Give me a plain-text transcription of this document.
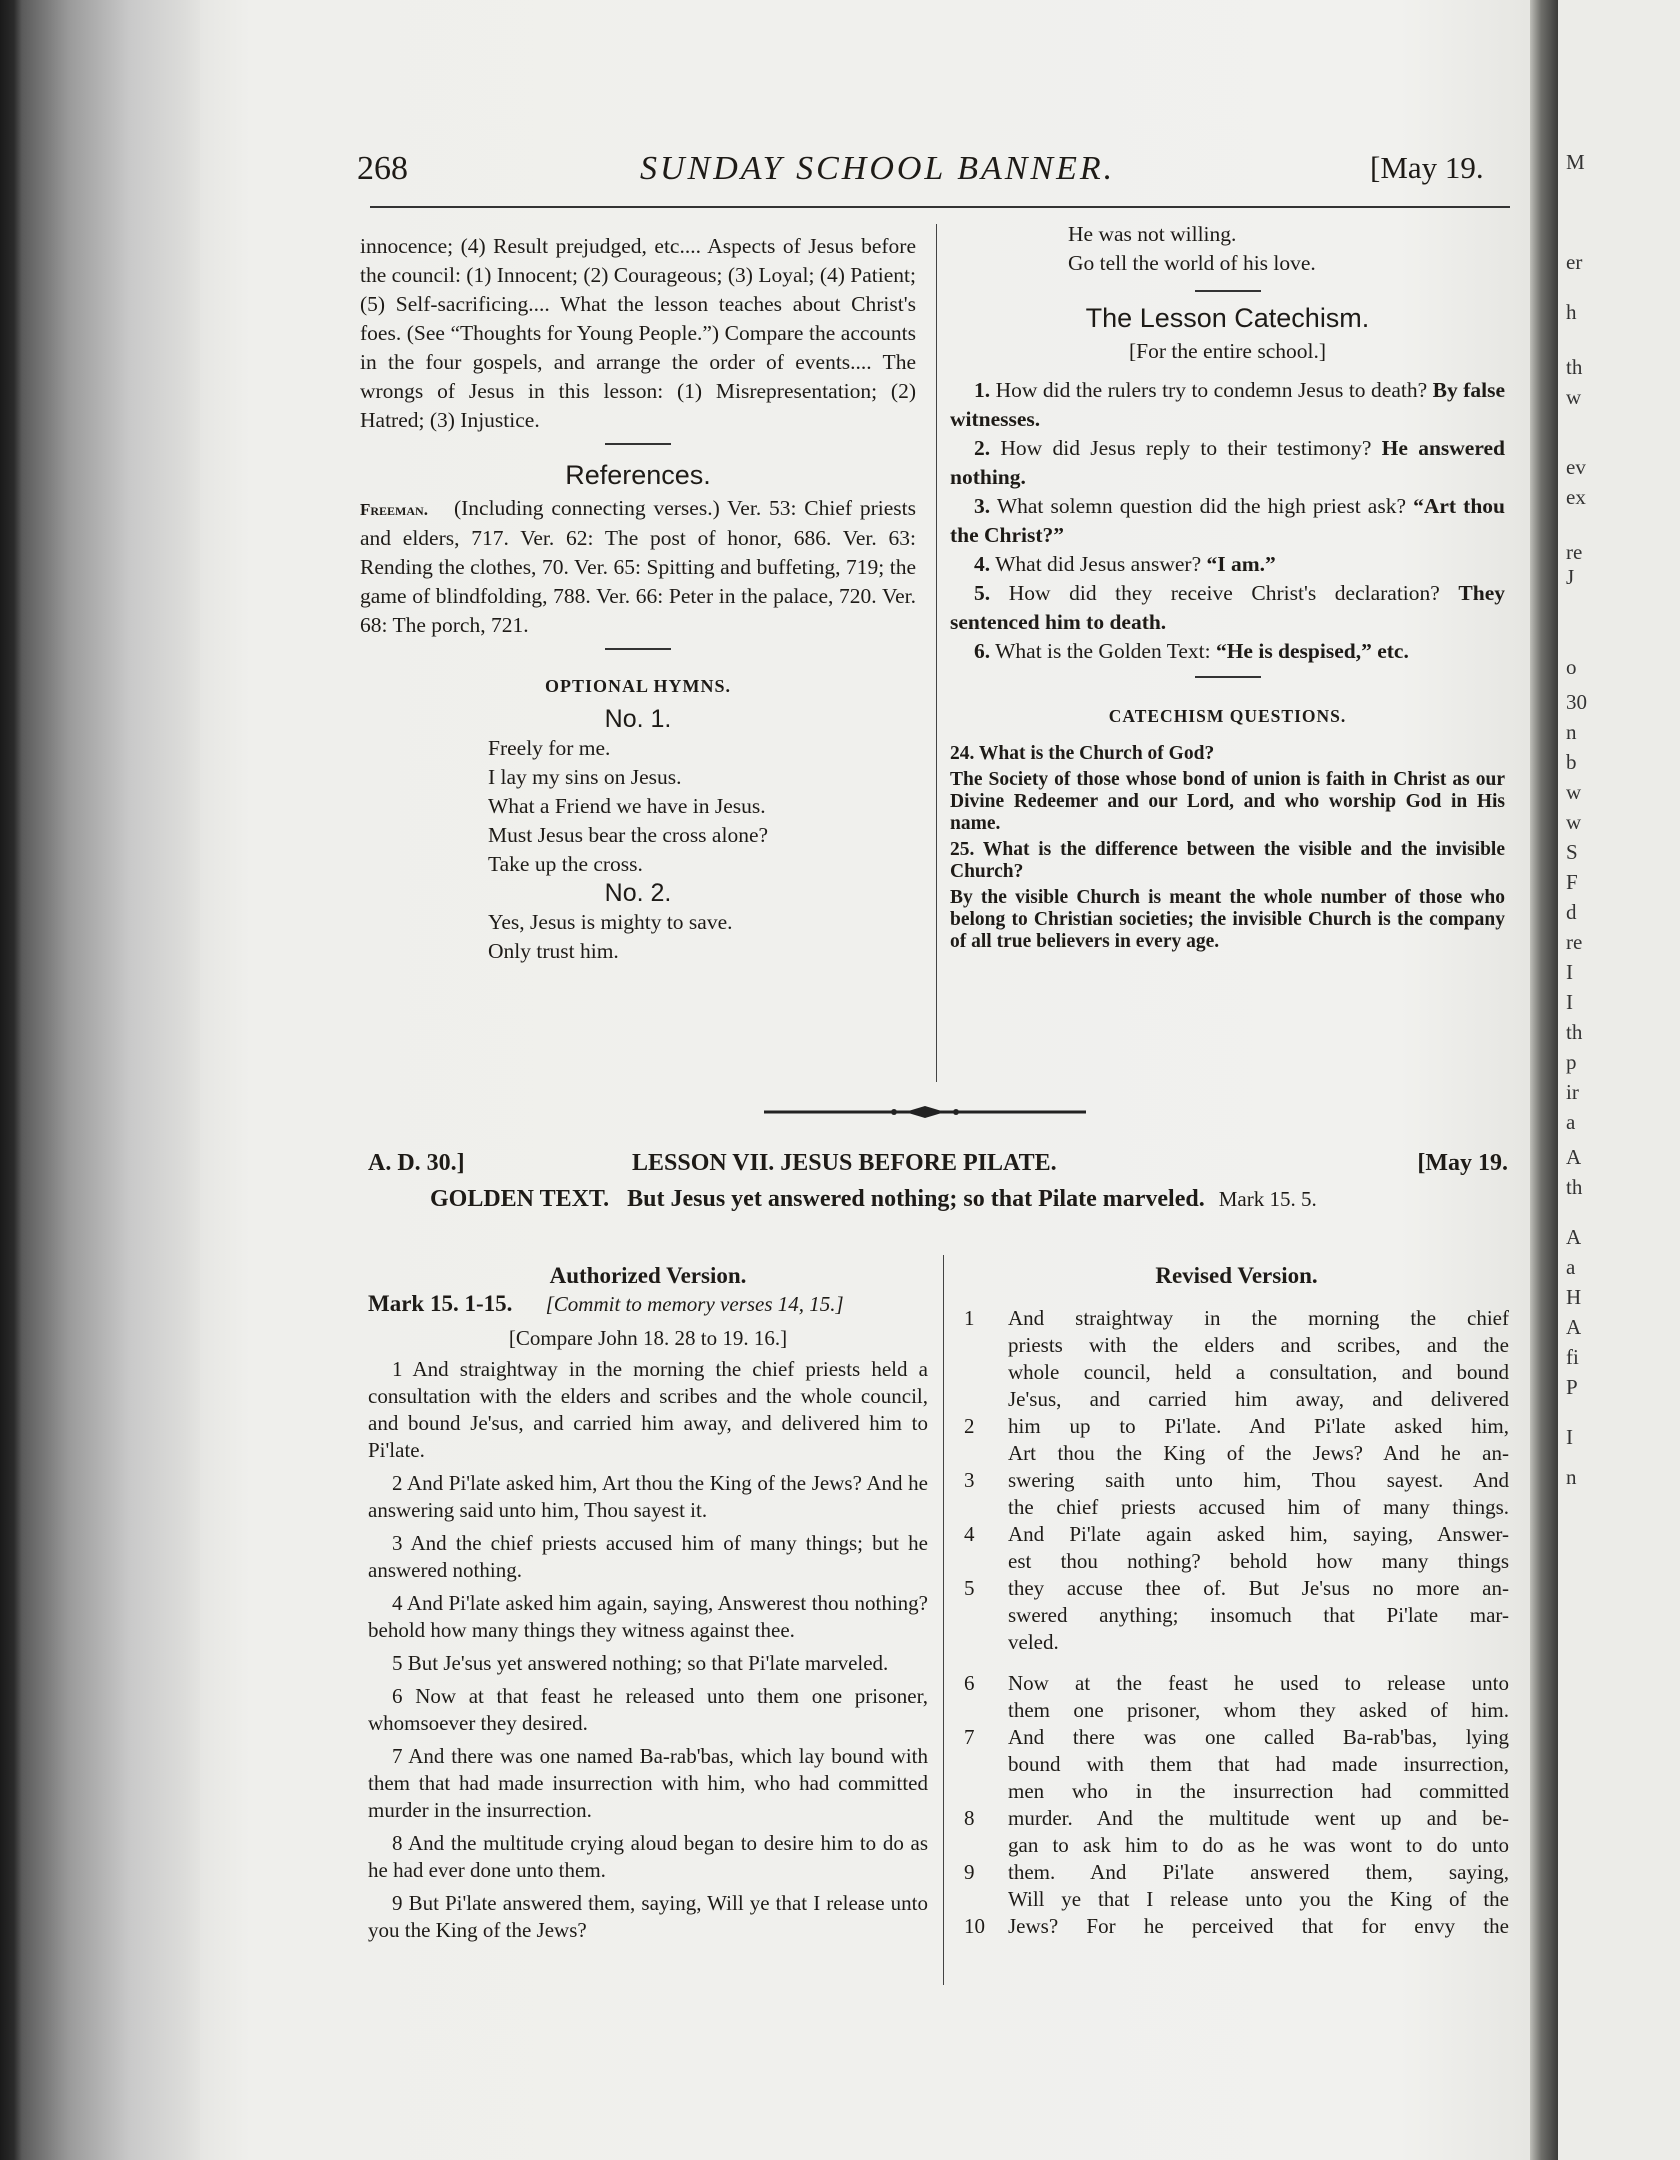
M
er
h
th
w
ev
ex
re
J
o
30
n
b
w
w
S
F
d
re
I
I
th
p
ir
a
A
th
A
a
H
A
fi
P
I
n
268	SUNDAY SCHOOL BANNER.	[May 19.

innocence; (4) Result prejudged, etc.... Aspects of Jesus before the council: (1) Innocent; (2) Courageous; (3) Loyal; (4) Patient; (5) Self-sacrificing.... What the lesson teaches about Christ's foes. (See “Thoughts for Young People.”) Compare the accounts in the four gospels, and arrange the order of events.... The wrongs of Jesus in this lesson: (1) Misrepresentation; (2) Hatred; (3) Injustice.

References.

Freeman. (Including connecting verses.) Ver. 53: Chief priests and elders, 717. Ver. 62: The post of honor, 686. Ver. 63: Rending the clothes, 70. Ver. 65: Spitting and buffeting, 719; the game of blindfolding, 788. Ver. 66: Peter in the palace, 720. Ver. 68: The porch, 721.

OPTIONAL HYMNS.

No. 1.

Freely for me.
I lay my sins on Jesus.
What a Friend we have in Jesus.
Must Jesus bear the cross alone?
Take up the cross.

No. 2.

Yes, Jesus is mighty to save.
Only trust him.
He was not willing.
Go tell the world of his love.

The Lesson Catechism.

[For the entire school.]

1. How did the rulers try to condemn Jesus to death? By false witnesses.

2. How did Jesus reply to their testimony? He answered nothing.

3. What solemn question did the high priest ask? “Art thou the Christ?”

4. What did Jesus answer? “I am.”

5. How did they receive Christ's declaration? They sentenced him to death.

6. What is the Golden Text: “He is despised,” etc.

CATECHISM QUESTIONS.

24. What is the Church of God?

The Society of those whose bond of union is faith in Christ as our Divine Redeemer and our Lord, and who worship God in His name.

25. What is the difference between the visible and the invisible Church?

By the visible Church is meant the whole number of those who belong to Christian societies; the invisible Church is the company of all true believers in every age.

A. D. 30.]	LESSON VII. JESUS BEFORE PILATE.	[May 19.
GOLDEN TEXT. But Jesus yet answered nothing; so that Pilate marveled. Mark 15. 5.

Authorized Version.

Mark 15. 1-15. [Commit to memory verses 14, 15.]

[Compare John 18. 28 to 19. 16.]

1 And straightway in the morning the chief priests held a consultation with the elders and scribes and the whole council, and bound Je'sus, and carried him away, and delivered him to Pi'late.

2 And Pi'late asked him, Art thou the King of the Jews? And he answering said unto him, Thou sayest it.

3 And the chief priests accused him of many things; but he answered nothing.

4 And Pi'late asked him again, saying, Answerest thou nothing? behold how many things they witness against thee.

5 But Je'sus yet answered nothing; so that Pi'late marveled.

6 Now at that feast he released unto them one prisoner, whomsoever they desired.

7 And there was one named Ba-rab'bas, which lay bound with them that had made insurrection with him, who had committed murder in the insurrection.

8 And the multitude crying aloud began to desire him to do as he had ever done unto them.

9 But Pi'late answered them, saying, Will ye that I release unto you the King of the Jews?

Revised Version.

1 And straightway in the morning the chief
priests with the elders and scribes, and the
whole council, held a consultation, and bound
Je'sus, and carried him away, and delivered
2 him up to Pi'late. And Pi'late asked him,
Art thou the King of the Jews? And he an-
3 swering saith unto him, Thou sayest. And
the chief priests accused him of many things.
4 And Pi'late again asked him, saying, Answer-
est thou nothing? behold how many things
5 they accuse thee of. But Je'sus no more an-
swered anything; insomuch that Pi'late mar-
veled.
6 Now at the feast he used to release unto
them one prisoner, whom they asked of him.
7 And there was one called Ba-rab'bas, lying
bound with them that had made insurrection,
men who in the insurrection had committed
8 murder. And the multitude went up and be-
gan to ask him to do as he was wont to do unto
9 them. And Pi'late answered them, saying,
Will ye that I release unto you the King of the
10 Jews? For he perceived that for envy the
